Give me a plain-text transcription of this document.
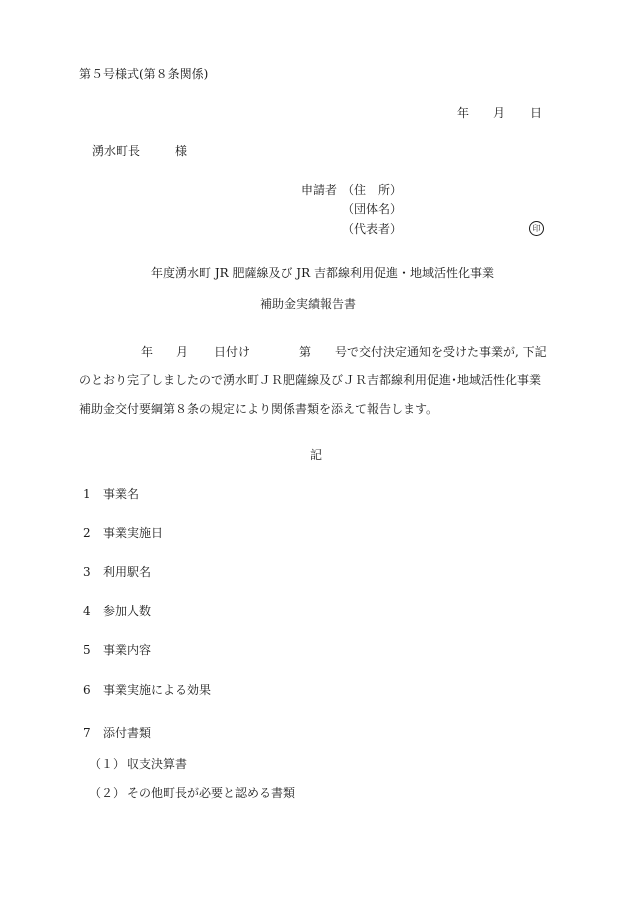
第５号様式(第８条関係)
年 月 日
湧水町長	様
申請者 （住　所）
（団体名）
（代表者）	印
年度湧水町 JR 肥薩線及び JR 吉都線利用促進・地域活性化事業
補助金実績報告書
年 月 日付け	第 号で交付決定通知を受けた事業が, 下記
のとおり完了しましたので湧水町ＪＲ肥薩線及びＪＲ吉都線利用促進･地域活性化事業
補助金交付要綱第８条の規定により関係書類を添えて報告します。
記
1 事業名
2 事業実施日
3 利用駅名
4 参加人数
5 事業内容
6 事業実施による効果
7 添付書類
（１） 収支決算書
（２） その他町長が必要と認める書類
